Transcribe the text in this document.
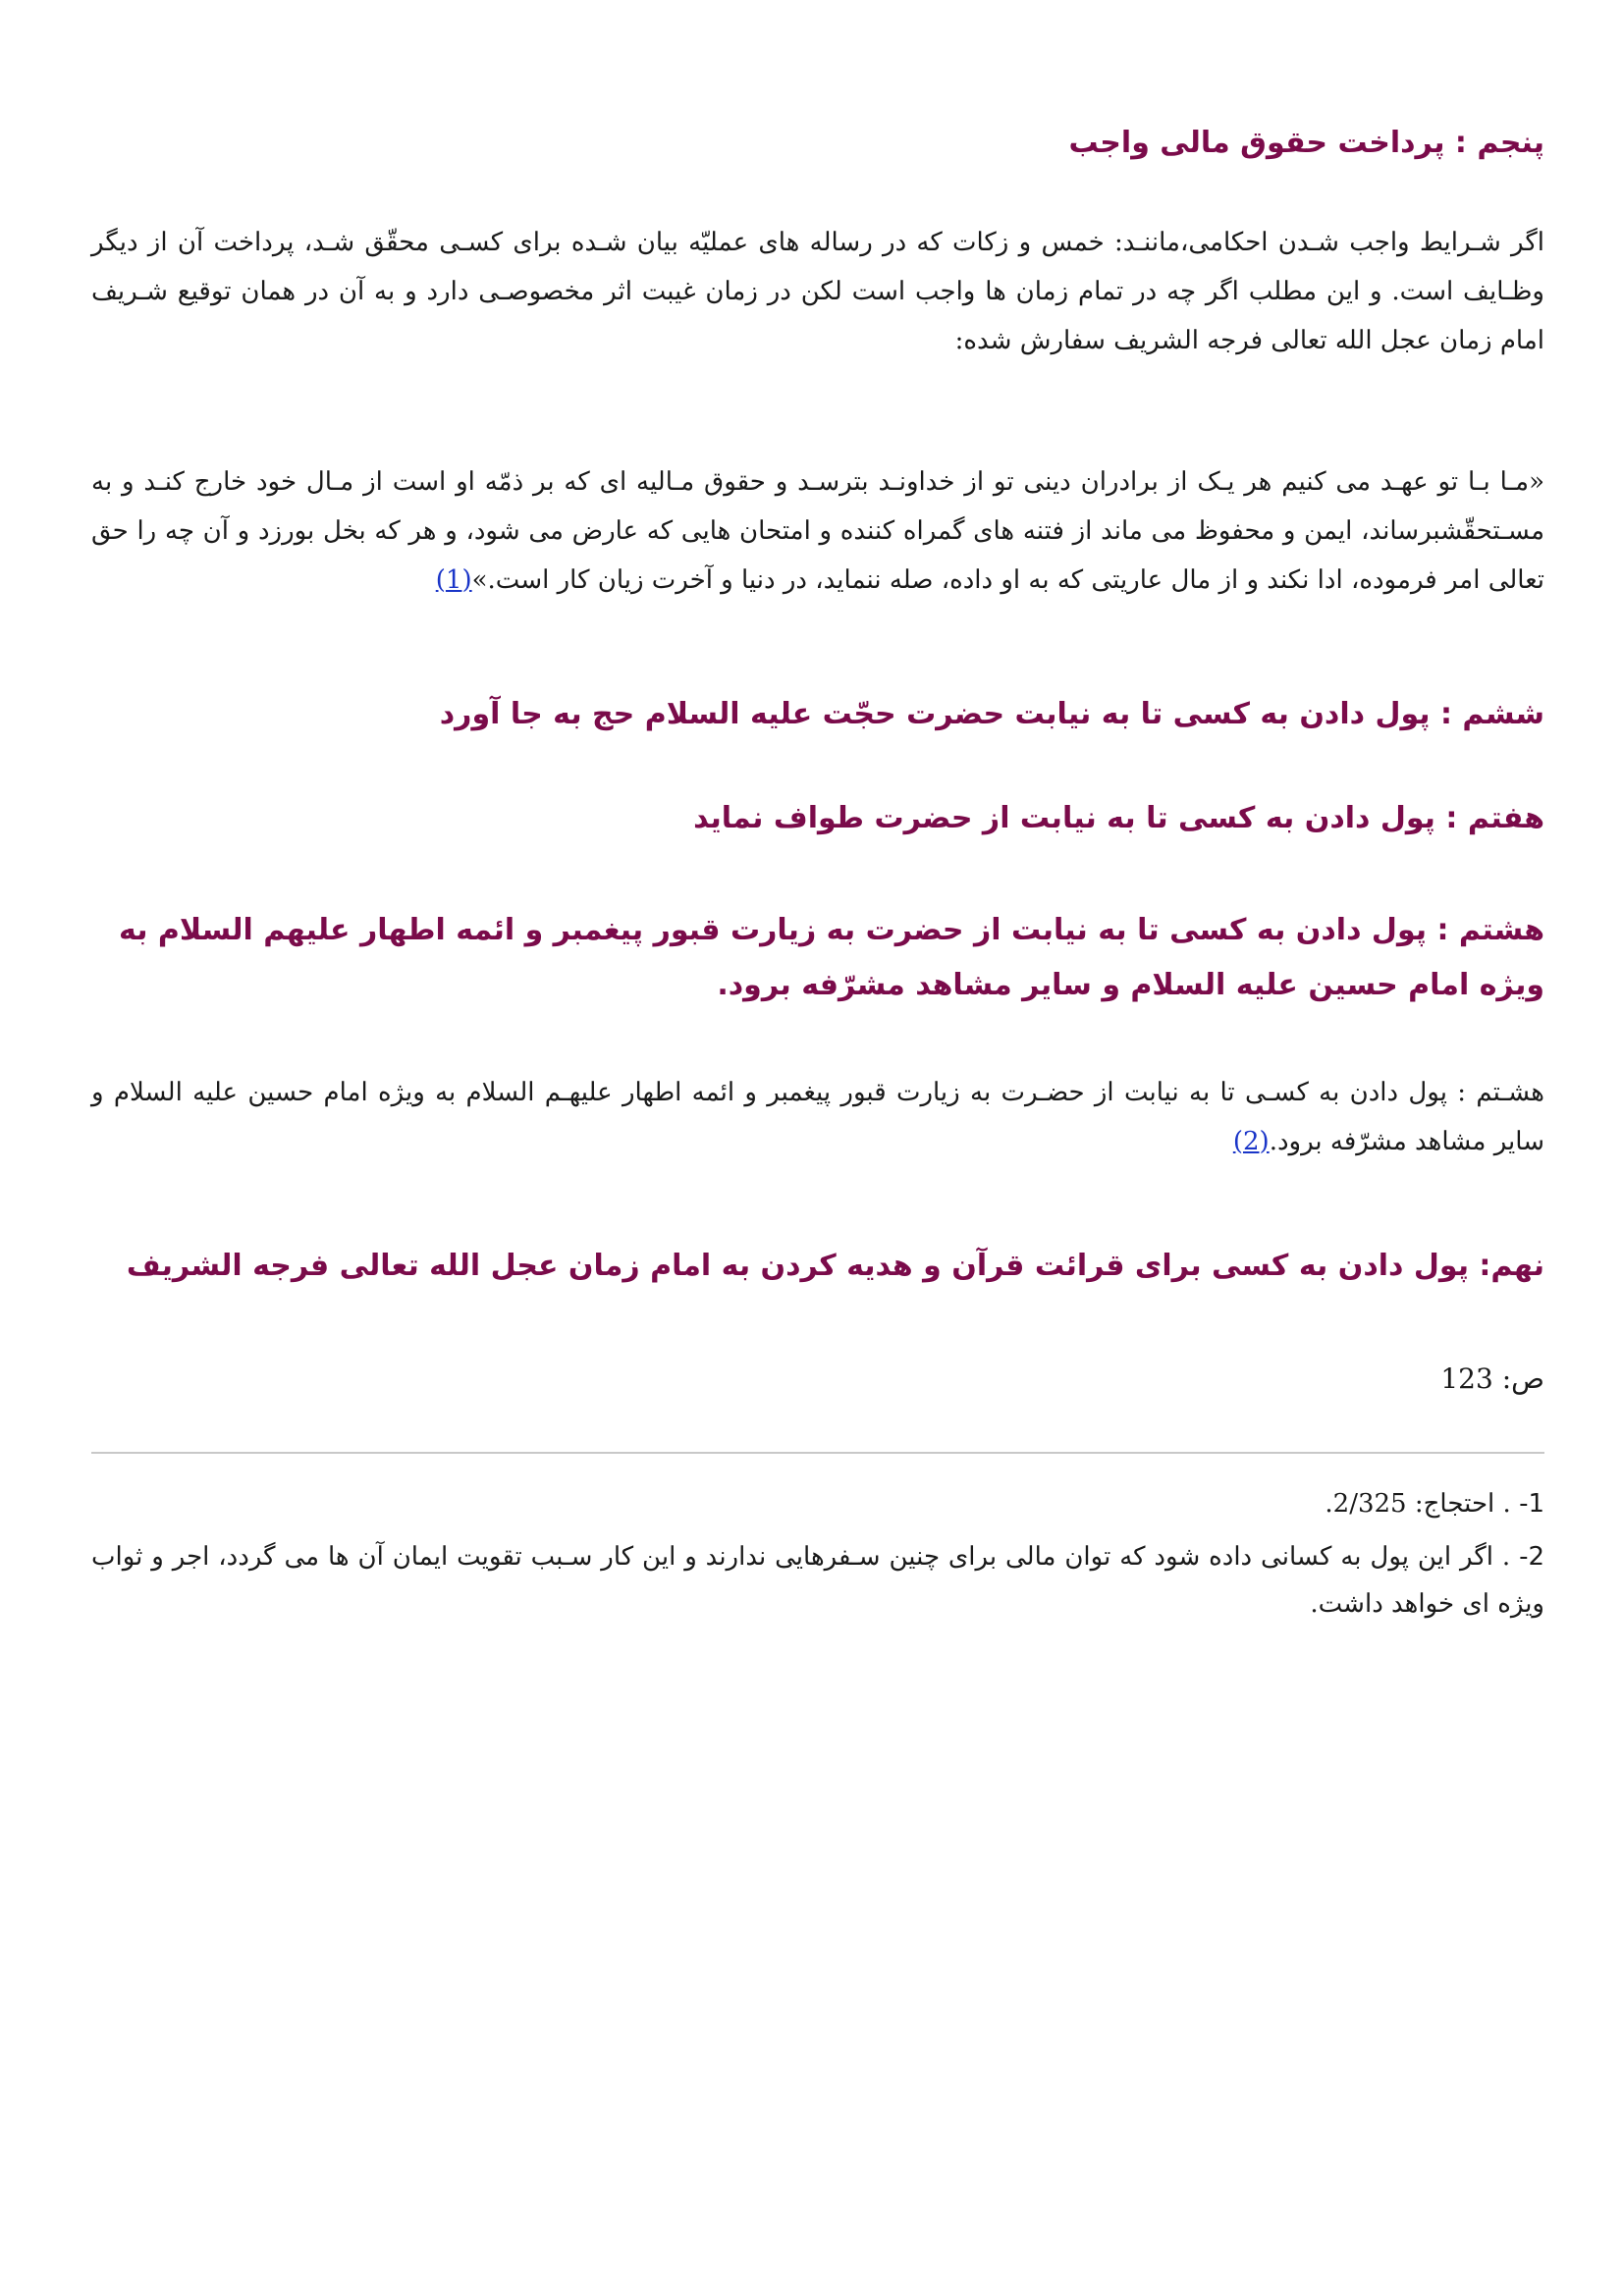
پنجم : پرداخت حقوق مالی واجب

اگر شـرایط واجب شـدن احکامی،ماننـد: خمس و زکات که در رساله های عملیّه بیان شـده برای کسـی محقّق شـد، پرداخت آن از دیگر وظـایف است. و این مطلب اگر چه در تمام زمان ها واجب است لکن در زمان غیبت اثر مخصوصـی دارد و به آن در همان توقیع شـریف امام زمان عجل الله تعالی فرجه الشریف سفارش شده:

«مـا بـا تو عهـد می کنیم هر یـک از برادران دینی تو از خداونـد بترسـد و حقوق مـالیه ای که بر ذمّه او است از مـال خود خارج کنـد و به مسـتحقّشبرساند، ایمن و محفوظ می ماند از فتنه های گمراه کننده و امتحان هایی که عارض می شود، و هر که بخل بورزد و آن چه را حق تعالی امر فرموده، ادا نکند و از مال عاریتی که به او داده، صله ننماید، در دنیا و آخرت زیان کار است.»(1)

ششم : پول دادن به کسی تا به نیابت حضرت حجّت علیه السلام حج به جا آورد
هفتم : پول دادن به کسی تا به نیابت از حضرت طواف نماید
هشتم : پول دادن به کسی تا به نیابت از حضرت به زیارت قبور پیغمبر و ائمه اطهار علیهم السلام به ویژه امام حسین علیه السلام و سایر مشاهد مشرّفه برود.

هشـتم : پول دادن به کسـی تا به نیابت از حضـرت به زیارت قبور پیغمبر و ائمه اطهار علیهـم السلام به ویژه امام حسین علیه السلام و سایر مشاهد مشرّفه برود.(2)

نهم: پول دادن به کسی برای قرائت قرآن و هدیه کردن به امام زمان عجل الله تعالی فرجه الشریف

ص: 123

1- . احتجاج: 2/325.

2- . اگر این پول به کسانی داده شود که توان مالی برای چنین سـفرهایی ندارند و این کار سـبب تقویت ایمان آن ها می گردد، اجر و ثواب ویژه ای خواهد داشت.
